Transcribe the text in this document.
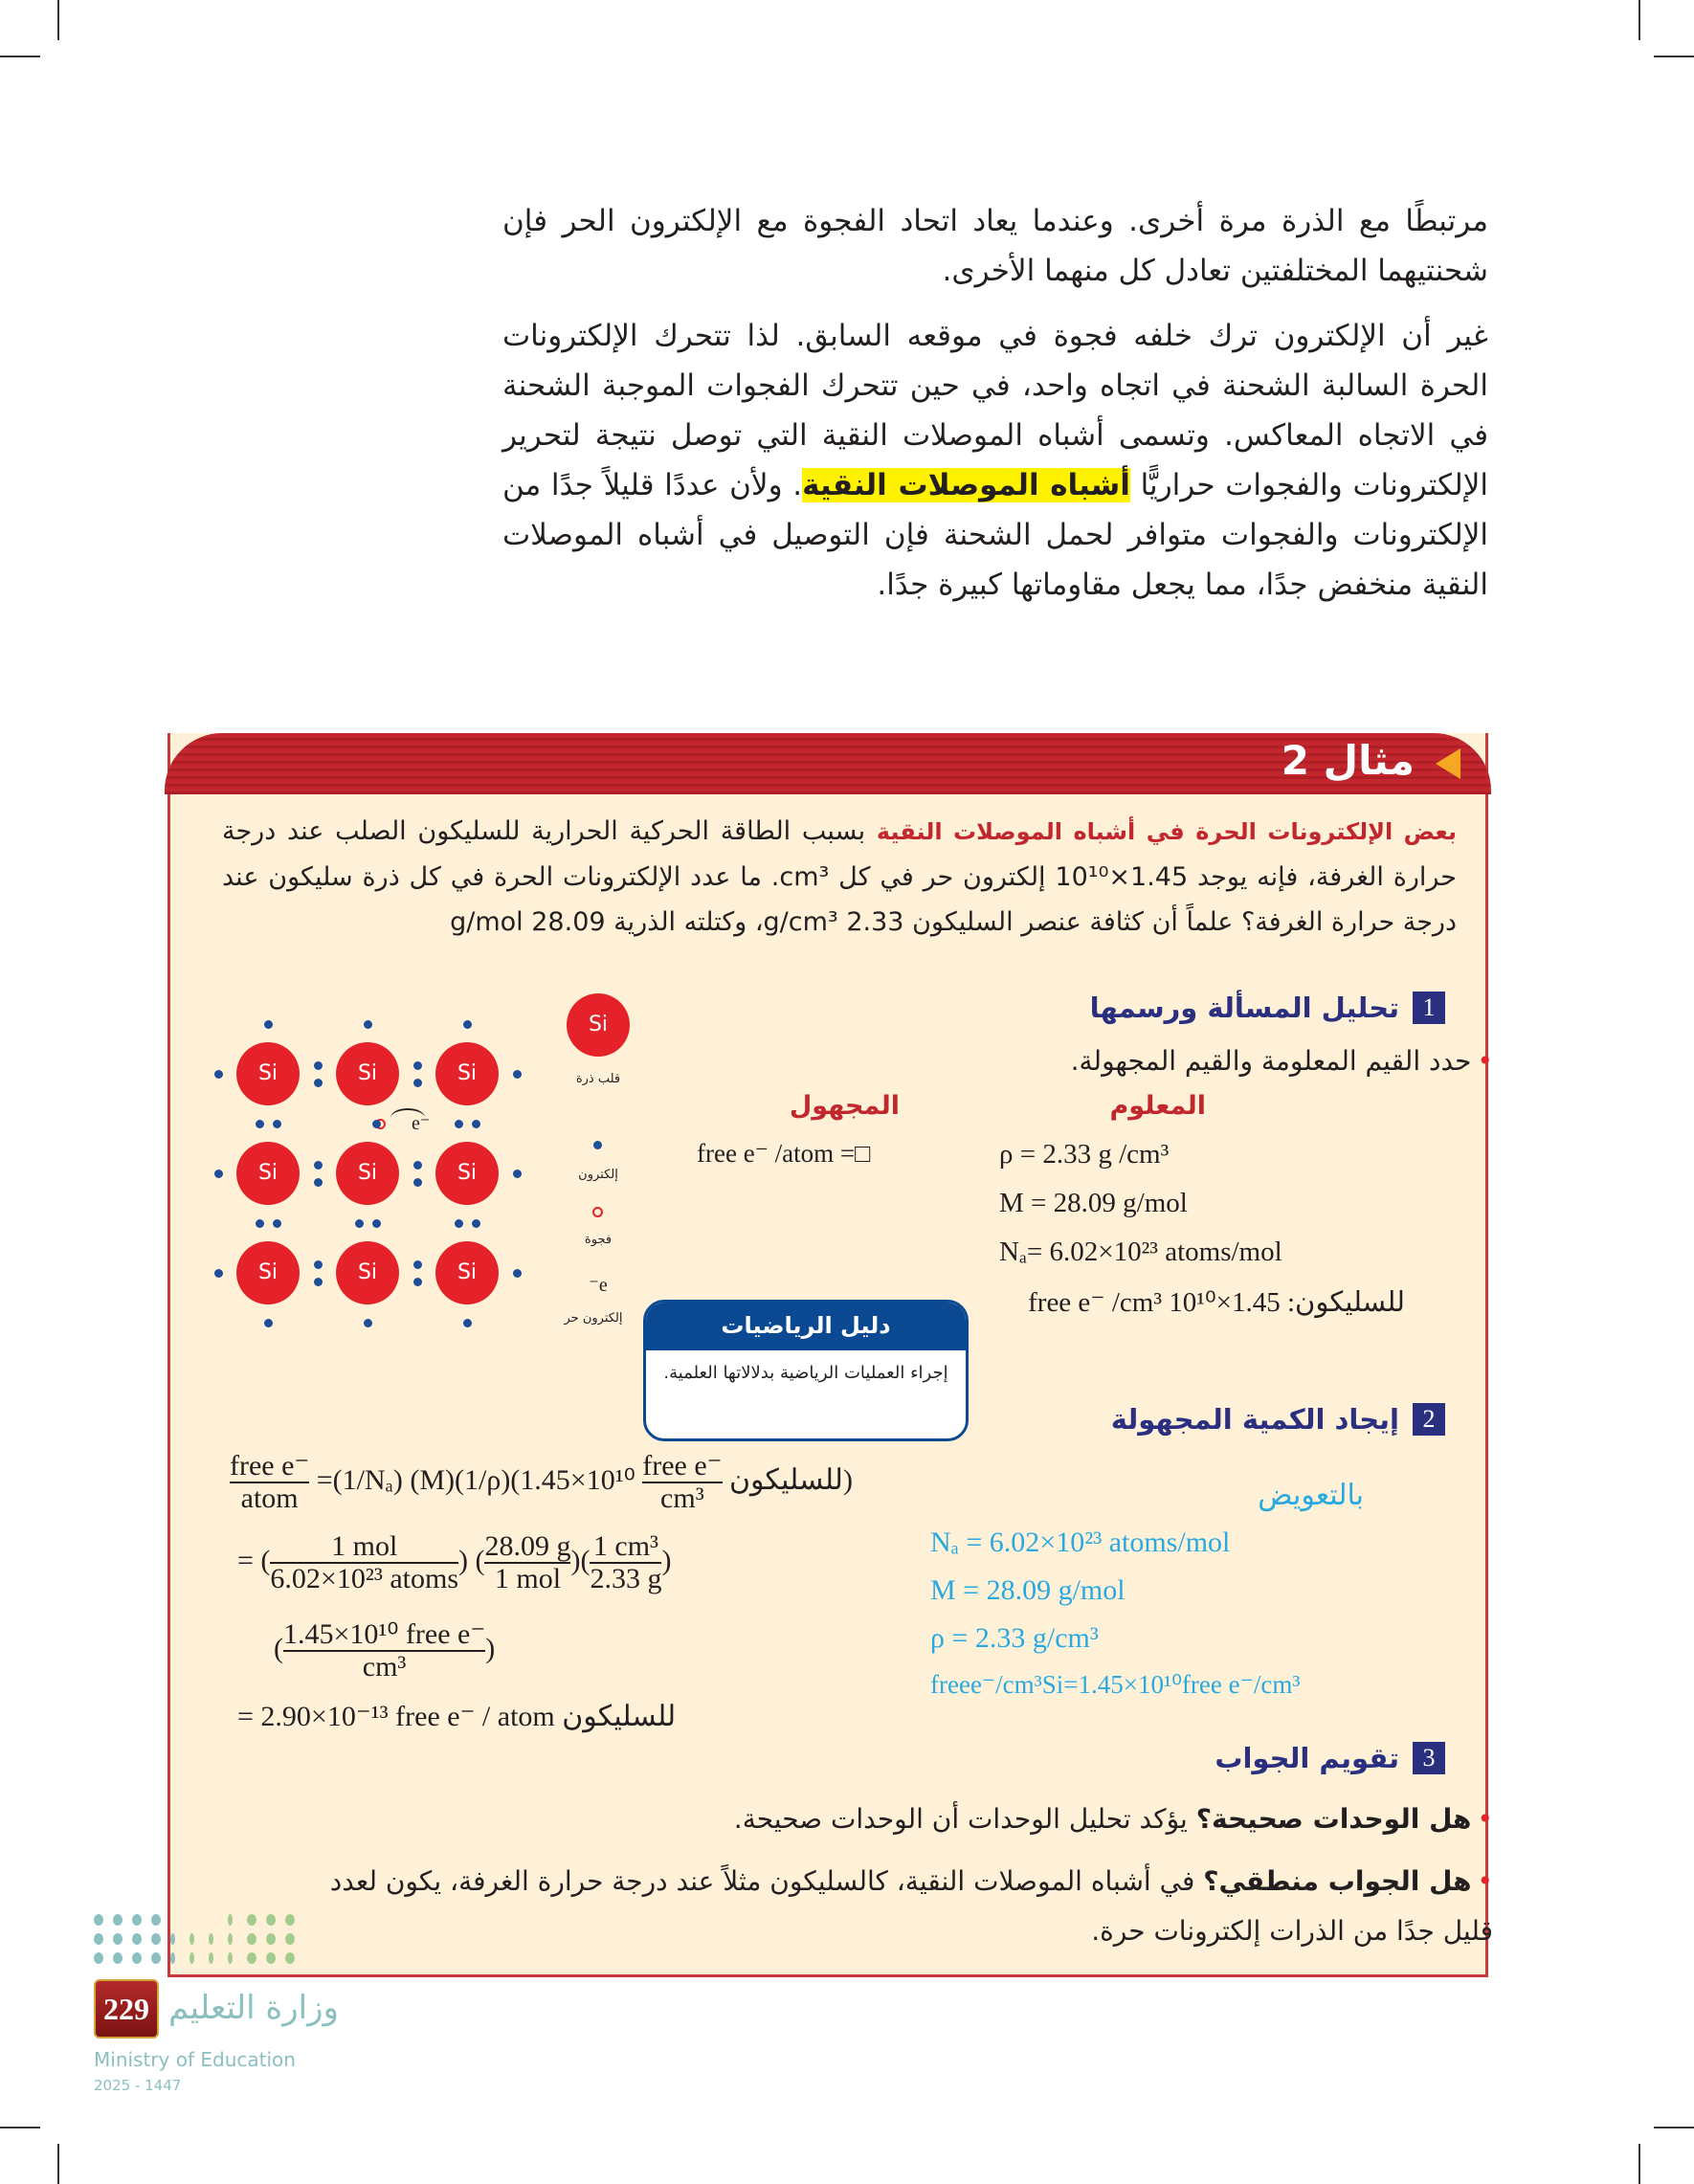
مرتبطًا مع الذرة مرة أخرى. وعندما يعاد اتحاد الفجوة مع الإلكترون الحر فإن شحنتيهما المختلفتين تعادل كل منهما الأخرى.

غير أن الإلكترون ترك خلفه فجوة في موقعه السابق. لذا تتحرك الإلكترونات الحرة السالبة الشحنة في اتجاه واحد، في حين تتحرك الفجوات الموجبة الشحنة في الاتجاه المعاكس. وتسمى أشباه الموصلات النقية التي توصل نتيجة لتحرير الإلكترونات والفجوات حراريًّا أشباه الموصلات النقية. ولأن عددًا قليلاً جدًا من الإلكترونات والفجوات متوافر لحمل الشحنة فإن التوصيل في أشباه الموصلات النقية منخفض جدًا، مما يجعل مقاوماتها كبيرة جدًا.

مثال 2
بعض الإلكترونات الحرة في أشباه الموصلات النقية بسبب الطاقة الحركية الحرارية للسليكون الصلب عند درجة حرارة الغرفة، فإنه يوجد 1.45×10¹⁰ إلكترون حر في كل cm³. ما عدد الإلكترونات الحرة في كل ذرة سليكون عند درجة حرارة الغرفة؟ علماً أن كثافة عنصر السليكون 2.33 g/cm³، وكتلته الذرية 28.09 g/mol
1
تحليل المسألة ورسمها
• حدد القيم المعلومة والقيم المجهولة.
المعلوم
المجهول
free e⁻ /atom =□	ρ = 2.33 g /cm³
M = 28.09 g/mol
Nₐ= 6.02×10²³ atoms/mol
للسليكون: 1.45×10¹⁰ free e⁻ /cm³
Si
قلب ذرة
إلكترون
فجوة
e⁻
إلكترون حر
e⁻
دليل الرياضيات
إجراء العمليات الرياضية بدلالاتها العلمية.
2
إيجاد الكمية المجهولة
بالتعويض
Nₐ = 6.02×10²³ atoms/mol
M = 28.09 g/mol
ρ = 2.33 g/cm³
freee⁻/cm³Si=1.45×10¹⁰free e⁻/cm³
$\frac{\text{free e⁻}}{\text{atom}} =(1/N_a)$ $(M)(1/\rho)(1.45\times 10^{10} \frac{\text{free e⁻}}{\text{cm³}}$ للسليكون)
= ( $\frac{\text{1 mol}}{\text{6.02×10²³ atoms}}$ ) ( $\frac{28.09 g}{\text{1 mol}}$ )( $\frac{\text{1 cm³}}{2.33 g}$ )
( $\frac{\text{1.45×10¹⁰ free e⁻}}{\text{cm³}}$ )
= 2.90×10⁻¹³ free e⁻ / atom للسليكون
3
تقويم الجواب
• هل الوحدات صحيحة؟ يؤكد تحليل الوحدات أن الوحدات صحيحة.
• هل الجواب منطقي؟ في أشباه الموصلات النقية، كالسليكون مثلاً عند درجة حرارة الغرفة، يكون لعدد قليل جدًا من الذرات إلكترونات حرة.
229 وزارة التعليم
Ministry of Education
2025 - 1447
Si	Si	Si
Si	Si	Si
Si	Si	Si
